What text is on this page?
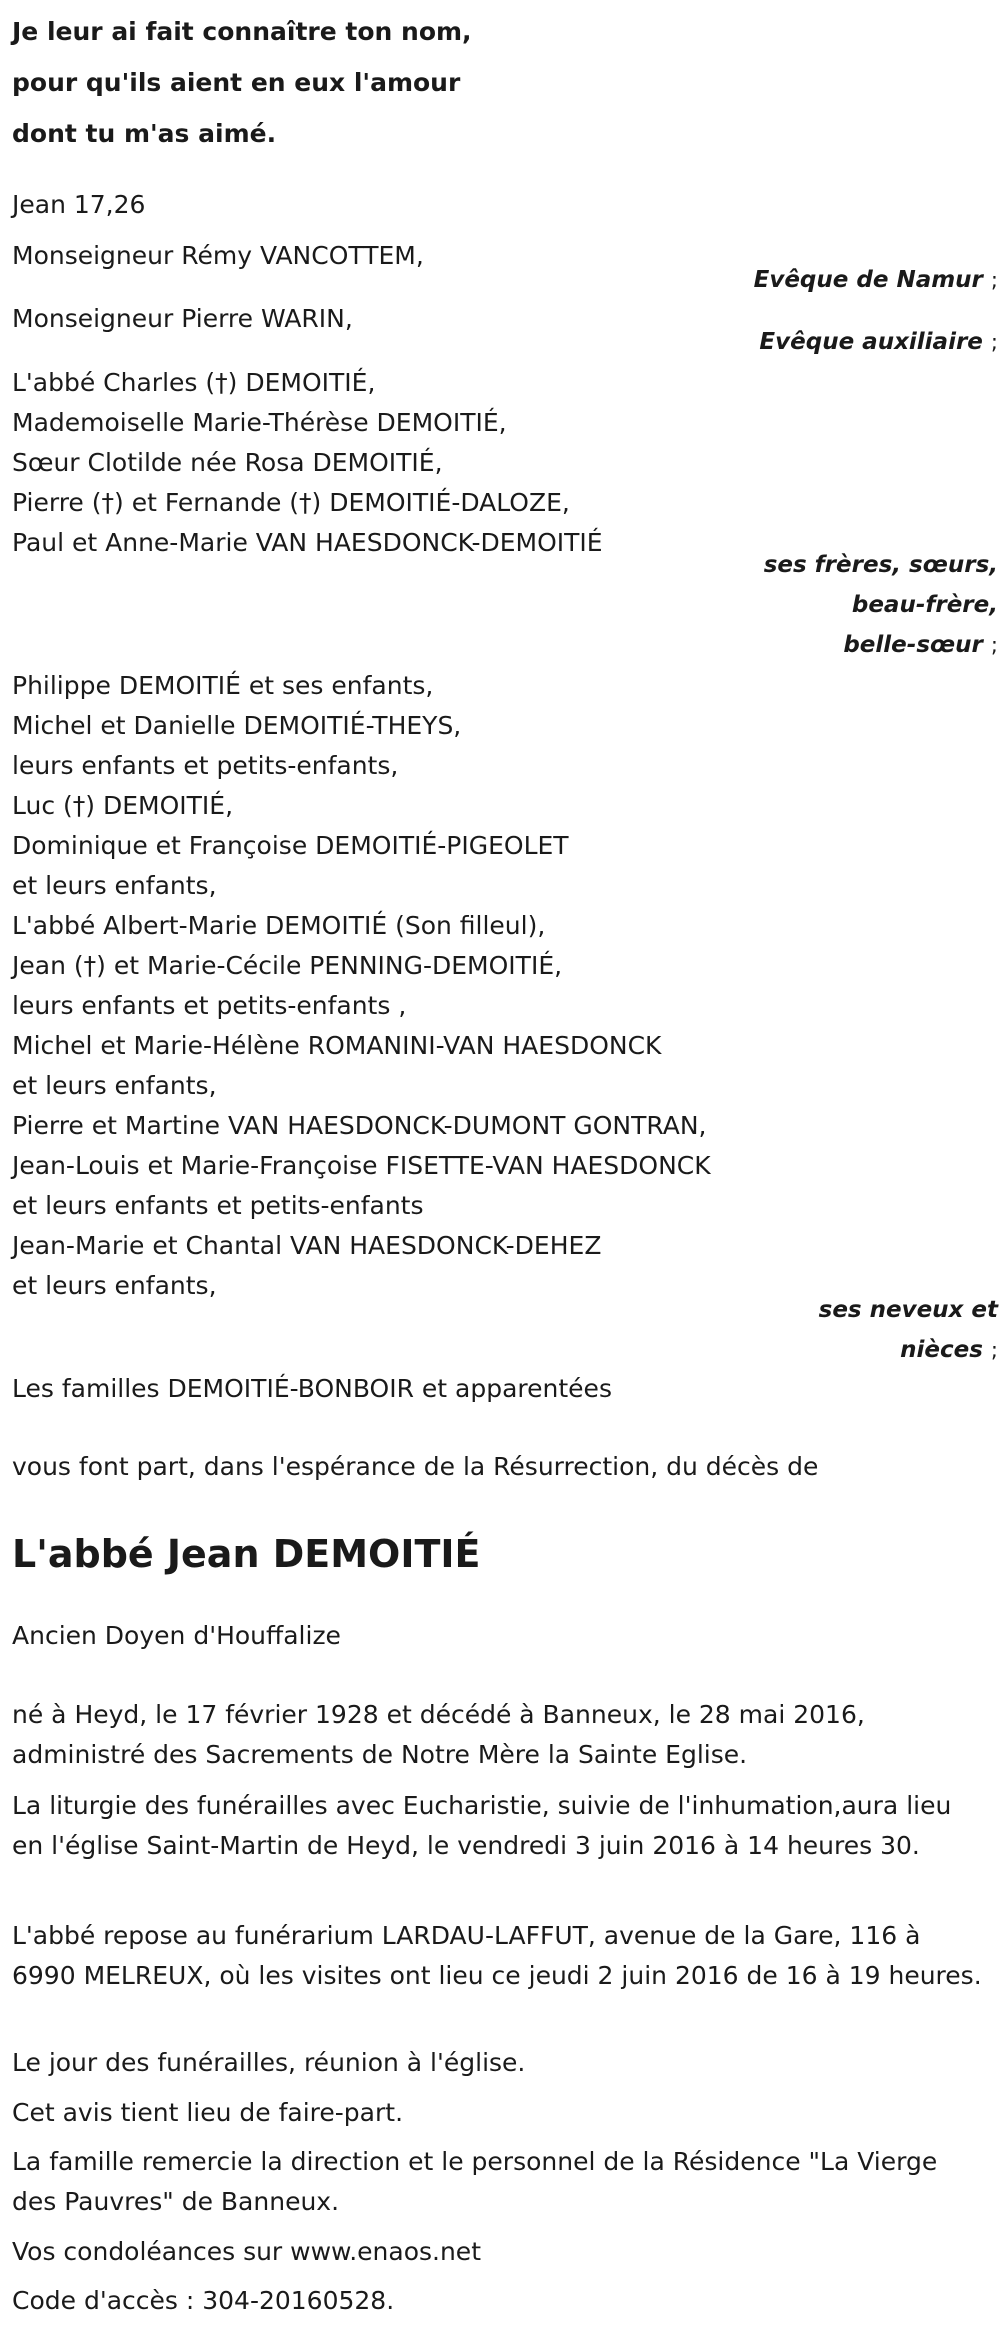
Je leur ai fait connaître ton nom,
pour qu'ils aient en eux l'amour
dont tu m'as aimé.
Jean 17,26
Monseigneur Rémy VANCOTTEM,
Evêque de Namur ;
Monseigneur Pierre WARIN,
Evêque auxiliaire ;
L'abbé Charles (†) DEMOITIÉ,
Mademoiselle Marie-Thérèse DEMOITIÉ,
Sœur Clotilde née Rosa DEMOITIÉ,
Pierre (†) et Fernande (†) DEMOITIÉ-DALOZE,
Paul et Anne-Marie VAN HAESDONCK-DEMOITIÉ
ses frères, sœurs,
beau-frère,
belle-sœur ;
Philippe DEMOITIÉ et ses enfants,
Michel et Danielle DEMOITIÉ-THEYS,
leurs enfants et petits-enfants,
Luc (†) DEMOITIÉ,
Dominique et Françoise DEMOITIÉ-PIGEOLET
et leurs enfants,
L'abbé Albert-Marie DEMOITIÉ (Son filleul),
Jean (†) et Marie-Cécile PENNING-DEMOITIÉ,
leurs enfants et petits-enfants ,
Michel et Marie-Hélène ROMANINI-VAN HAESDONCK
et leurs enfants,
Pierre et Martine VAN HAESDONCK-DUMONT GONTRAN,
Jean-Louis et Marie-Françoise FISETTE-VAN HAESDONCK
et leurs enfants et petits-enfants
Jean-Marie et Chantal VAN HAESDONCK-DEHEZ
et leurs enfants,
ses neveux et
nièces ;
Les familles DEMOITIÉ-BONBOIR et apparentées
vous font part, dans l'espérance de la Résurrection, du décès de
L'abbé Jean DEMOITIÉ
Ancien Doyen d'Houffalize
né à Heyd, le 17 février 1928 et décédé à Banneux, le 28 mai 2016, administré des Sacrements de Notre Mère la Sainte Eglise.
La liturgie des funérailles avec Eucharistie, suivie de l'inhumation,aura lieu en l'église Saint-Martin de Heyd, le vendredi 3 juin 2016 à 14 heures 30.
L'abbé repose au funérarium LARDAU-LAFFUT, avenue de la Gare, 116 à 6990 MELREUX, où les visites ont lieu ce jeudi 2 juin 2016 de 16 à 19 heures.
Le jour des funérailles, réunion à l'église.
Cet avis tient lieu de faire-part.
La famille remercie la direction et le personnel de la Résidence "La Vierge des Pauvres" de Banneux.
Vos condoléances sur www.enaos.net
Code d'accès : 304-20160528.
